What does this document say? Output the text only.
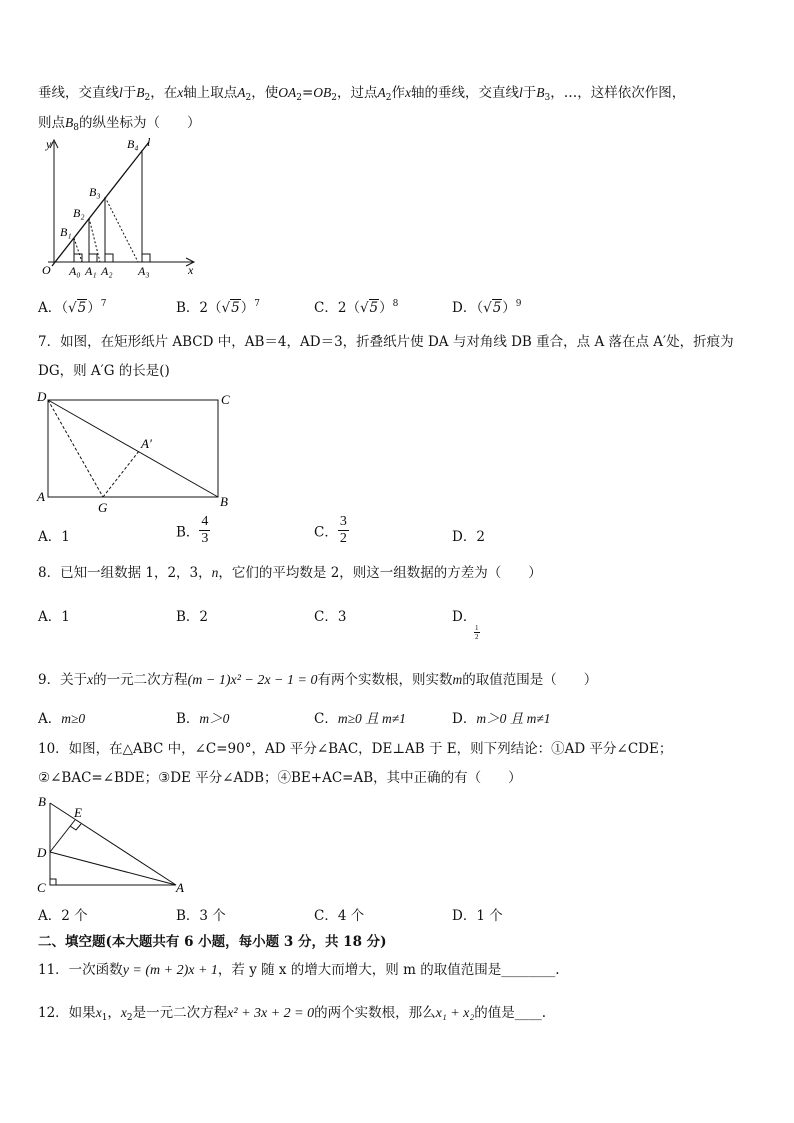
垂线，交直线l于$B_2$，在x轴上取点$A_2$，使$OA_2=OB_2$，过点$A_2$作x轴的垂线，交直线l于$B_3$，…，这样依次作图，
则点$B_8$的纵坐标为（　　）
y
x
O
l
B₁
B₂
B₃
B₄
A₀ A₁ A₂ A₃
A．$(√5)^7$	B．$2(√5)^7$	C．$2(√5)^8$	D．$(√5)^9$
7．如图，在矩形纸片 ABCD 中，AB＝4，AD＝3，折叠纸片使 DA 与对角线 DB 重合，点 A 落在点 A′处，折痕为
DG，则 A′G 的长是()
D	C
A	B
G
A′
A．1	B． $\frac{4}{3}$	C． $\frac{3}{2}$	D．2
8．已知一组数据 1，2，3，n，它们的平均数是 2，则这一组数据的方差为（　　）
A．1	B．2	C．3	D．
1
2
9．关于x的一元二次方程(m − 1)x² − 2x − 1 = 0有两个实数根，则实数m的取值范围是（　　）
A．m≥0	B．m＞0	C．m≥0 且 m≠1	D．m＞0 且 m≠1
10．如图，在△ABC 中，∠C=90°，AD 平分∠BAC，DE⊥AB 于 E，则下列结论：①AD 平分∠CDE；
②∠BAC=∠BDE；③DE 平分∠ADB；④BE+AC=AB，其中正确的有（　　）
B
E
D
C	A
A．2 个	B．3 个	C．4 个	D．1 个
二、填空题(本大题共有 6 小题，每小题 3 分，共 18 分)
11．一次函数y = (m + 2)x + 1，若 y 随 x 的增大而增大，则 m 的取值范围是________.
12．如果$x_1$，$x_2$是一元二次方程x² + 3x + 2 = 0的两个实数根，那么x₁ + x₂的值是____.
